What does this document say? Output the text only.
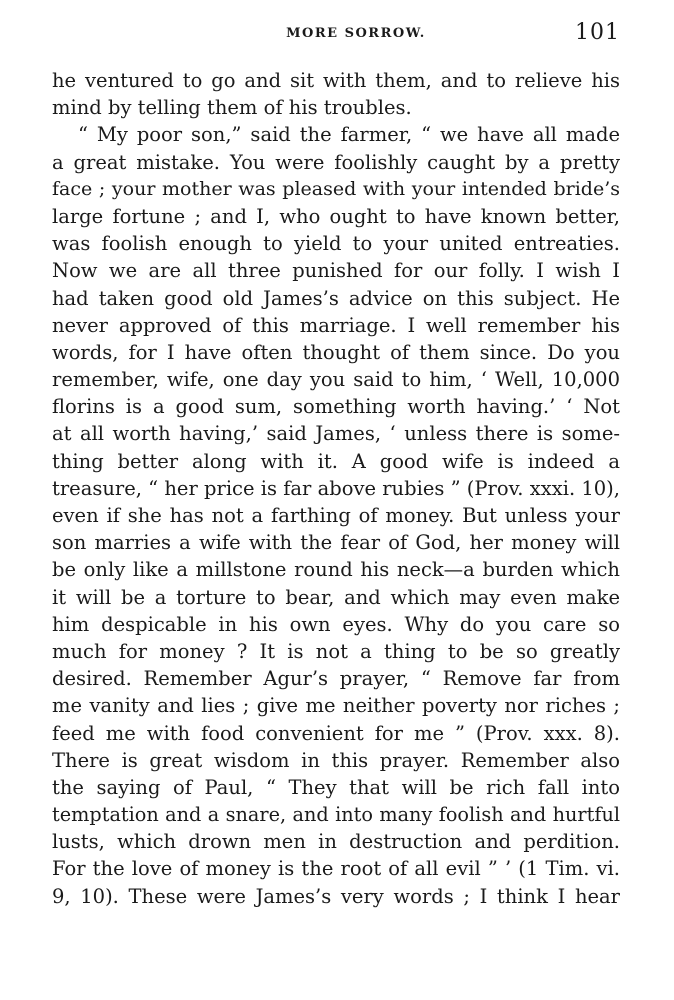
MORE SORROW.	101
he ventured to go and sit with them, and to relieve his
mind by telling them of his troubles.
“ My poor son,” said the farmer, “ we have all made
a great mistake. You were foolishly caught by a pretty
face ; your mother was pleased with your intended bride’s
large fortune ; and I, who ought to have known better,
was foolish enough to yield to your united entreaties.
Now we are all three punished for our folly. I wish I
had taken good old James’s advice on this subject. He
never approved of this marriage. I well remember his
words, for I have often thought of them since. Do you
remember, wife, one day you said to him, ‘ Well, 10,000
florins is a good sum, something worth having.’ ‘ Not
at all worth having,’ said James, ‘ unless there is some-
thing better along with it. A good wife is indeed a
treasure, “ her price is far above rubies ” (Prov. xxxi. 10),
even if she has not a farthing of money. But unless your
son marries a wife with the fear of God, her money will
be only like a millstone round his neck—a burden which
it will be a torture to bear, and which may even make
him despicable in his own eyes. Why do you care so
much for money ? It is not a thing to be so greatly
desired. Remember Agur’s prayer, “ Remove far from
me vanity and lies ; give me neither poverty nor riches ;
feed me with food convenient for me ” (Prov. xxx. 8).
There is great wisdom in this prayer. Remember also
the saying of Paul, “ They that will be rich fall into
temptation and a snare, and into many foolish and hurtful
lusts, which drown men in destruction and perdition.
For the love of money is the root of all evil ” ’ (1 Tim. vi.
9, 10). These were James’s very words ; I think I hear
